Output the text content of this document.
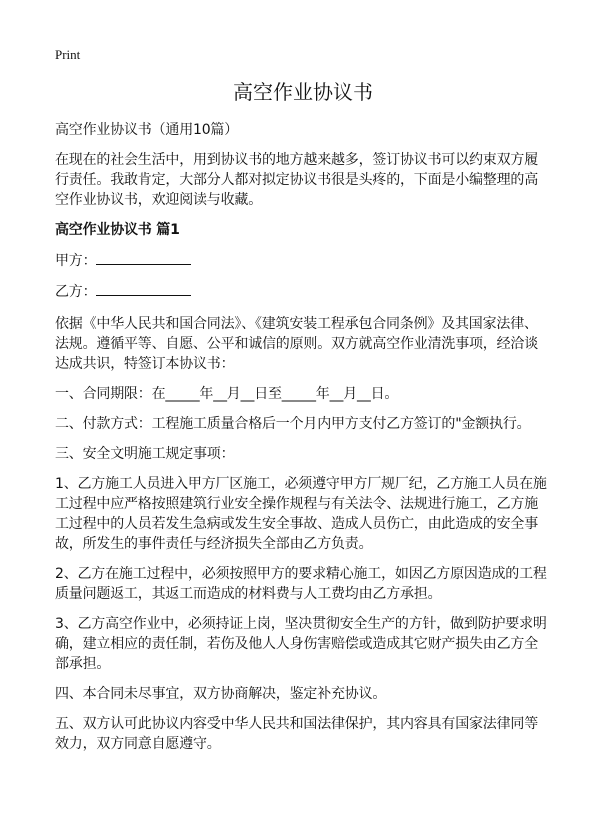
Print
高空作业协议书

高空作业协议书（通用10篇）

在现在的社会生活中，用到协议书的地方越来越多，签订协议书可以约束双方履行责任。我敢肯定，大部分人都对拟定协议书很是头疼的，下面是小编整理的高空作业协议书，欢迎阅读与收藏。

高空作业协议书 篇1

甲方：

乙方：

依据《中华人民共和国合同法》、《建筑安装工程承包合同条例》及其国家法律、法规。遵循平等、自愿、公平和诚信的原则。双方就高空作业清洗事项，经洽谈达成共识，特签订本协议书：

一、合同期限：在_____年__月__日至_____年__月__日。

二、付款方式：工程施工质量合格后一个月内甲方支付乙方签订的"金额执行。

三、安全文明施工规定事项：

1、乙方施工人员进入甲方厂区施工，必须遵守甲方厂规厂纪，乙方施工人员在施工过程中应严格按照建筑行业安全操作规程与有关法令、法规进行施工，乙方施工过程中的人员若发生急病或发生安全事故、造成人员伤亡，由此造成的安全事故，所发生的事件责任与经济损失全部由乙方负责。

2、乙方在施工过程中，必须按照甲方的要求精心施工，如因乙方原因造成的工程质量问题返工，其返工而造成的材料费与人工费均由乙方承担。

3、乙方高空作业中，必须持证上岗，坚决贯彻安全生产的方针，做到防护要求明确，建立相应的责任制，若伤及他人人身伤害赔偿或造成其它财产损失由乙方全部承担。

四、本合同未尽事宜，双方协商解决，鉴定补充协议。

五、双方认可此协议内容受中华人民共和国法律保护，其内容具有国家法律同等效力，双方同意自愿遵守。
